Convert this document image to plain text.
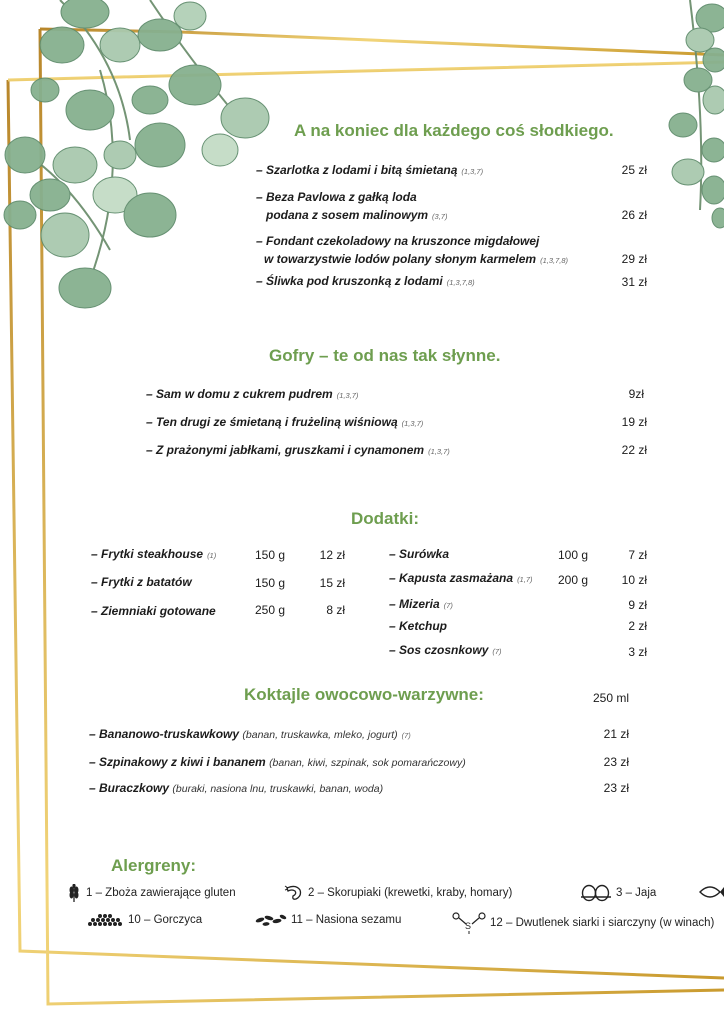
A na koniec dla każdego coś słodkiego.
– Szarlotka z lodami i bitą śmietaną (1,3,7)	25 zł
– Beza Pavlowa z gałką loda
podana z sosem malinowym (3,7)	26 zł
– Fondant czekoladowy na kruszonce migdałowej
w towarzystwie lodów polany słonym karmelem (1,3,7,8)	29 zł
– Śliwka pod kruszonką z lodami (1,3,7,8)	31 zł
Gofry – te od nas tak słynne.
– Sam w domu z cukrem pudrem (1,3,7)	9zł
– Ten drugi ze śmietaną i frużeliną wiśniową (1,3,7)	19 zł
– Z prażonymi jabłkami, gruszkami i cynamonem (1,3,7)	22 zł
Dodatki:
– Frytki steakhouse (1)	150 g	12 zł
– Frytki z batatów	150 g	15 zł
– Ziemniaki gotowane	250 g	8 zł
– Surówka	100 g	7 zł
– Kapusta zasmażana (1,7) 200 g	10 zł
– Mizeria (7)	9 zł
– Ketchup	2 zł
– Sos czosnkowy (7)	3 zł
Koktajle owocowo-warzywne:	250 ml
– Bananowo-truskawkowy (banan, truskawka, mleko, jogurt) (7)	21 zł
– Szpinakowy z kiwi i bananem (banan, kiwi, szpinak, sok pomarańczowy)	23 zł
– Buraczkowy (buraki, nasiona lnu, truskawki, banan, woda)	23 zł
Alergreny:
1 – Zboża zawierające gluten	2 – Skorupiaki (krewetki, kraby, homary)	3 – Jaja
10 – Gorczyca	11 – Nasiona sezamu	S 12 – Dwutlenek siarki i siarczyny (w winach)
